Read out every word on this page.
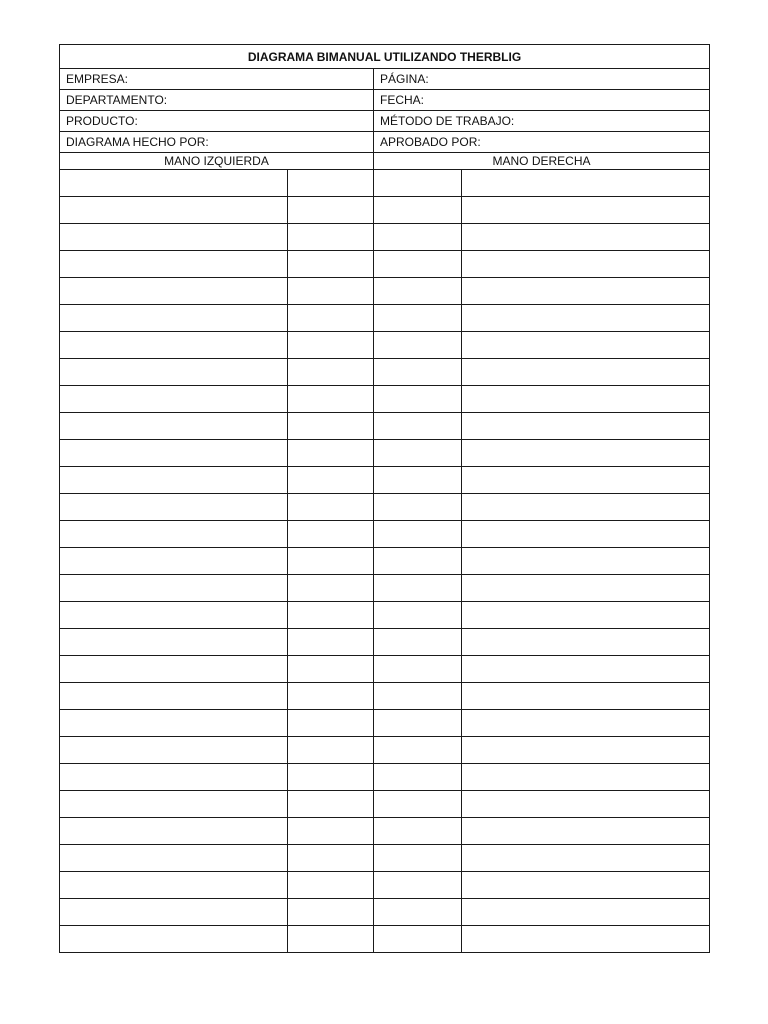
DIAGRAMA BIMANUAL UTILIZANDO THERBLIG			
EMPRESA:		PÁGINA:	
DEPARTAMENTO:		FECHA:	
PRODUCTO:		MÉTODO DE TRABAJO:	
DIAGRAMA HECHO POR:		APROBADO POR:	
MANO IZQUIERDA		MANO DERECHA	
